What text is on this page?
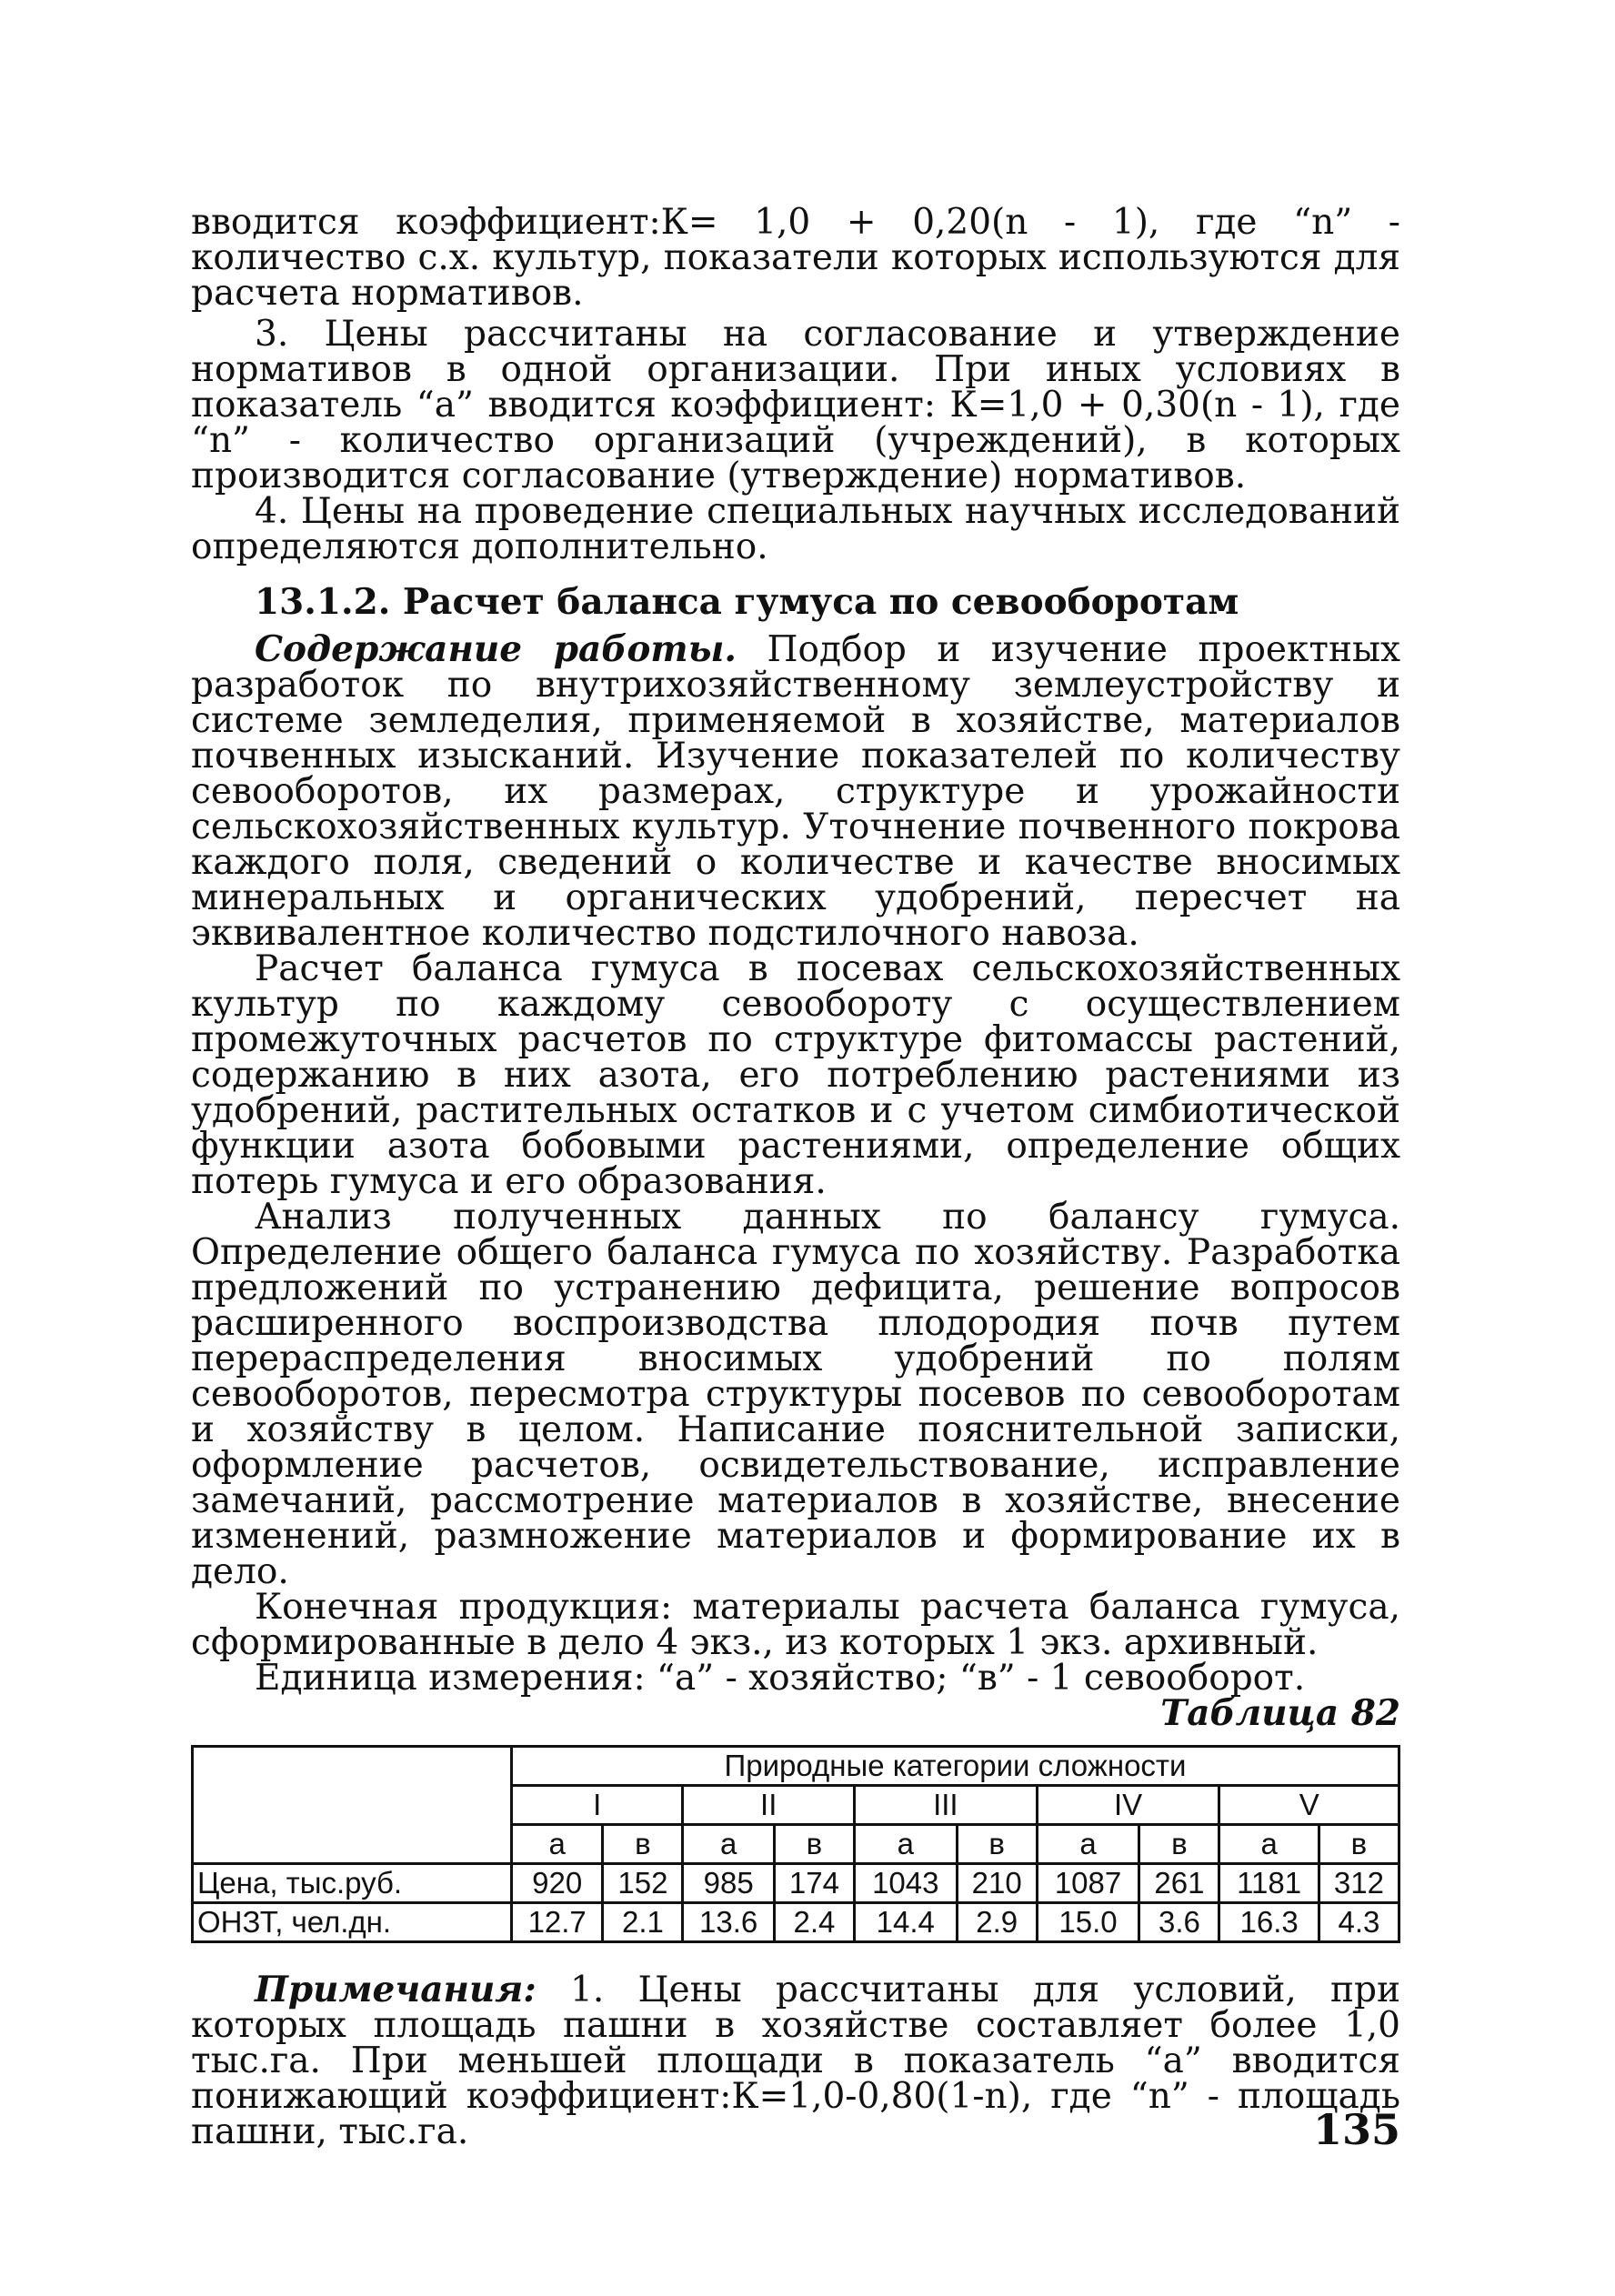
вводится коэффициент:К= 1,0 + 0,20(n - 1), где “n” - количество с.х. культур, показатели которых используются для расчета нормативов.

3. Цены рассчитаны на согласование и утверждение нормативов в одной организации. При иных условиях в показатель “а” вводится коэффициент: К=1,0 + 0,30(n - 1), где “n” - количество организаций (учреждений), в которых производится согласование (утверждение) нормативов.

4. Цены на проведение специальных научных исследований определяются дополнительно.

13.1.2. Расчет баланса гумуса по севооборотам

Содержание работы. Подбор и изучение проектных разработок по внутрихозяйственному землеустройству и системе земледелия, применяемой в хозяйстве, материалов почвенных изысканий. Изучение показателей по количеству севооборотов, их размерах, структуре и урожайности сельскохозяйственных культур. Уточнение почвенного покрова каждого поля, сведений о количестве и качестве вносимых минеральных и органических удобрений, пересчет на эквивалентное количество подстилочного навоза.

Расчет баланса гумуса в посевах сельскохозяйственных культур по каждому севообороту с осуществлением промежуточных расчетов по структуре фитомассы растений, содержанию в них азота, его потреблению растениями из удобрений, растительных остатков и с учетом симбиотической функции азота бобовыми растениями, определение общих потерь гумуса и его образования.

Анализ полученных данных по балансу гумуса. Определение общего баланса гумуса по хозяйству. Разработка предложений по устранению дефицита, решение вопросов расширенного воспроизводства плодородия почв путем перераспределения вносимых удобрений по полям севооборотов, пересмотра структуры посевов по севооборотам и хозяйству в целом. Написание пояснительной записки, оформление расчетов, освидетельствование, исправление замечаний, рассмотрение материалов в хозяйстве, внесение изменений, размножение материалов и формирование их в дело.

Конечная продукция: материалы расчета баланса гумуса, сформированные в дело 4 экз., из которых 1 экз. архивный.

Единица измерения: “а” - хозяйство; “в” - 1 севооборот.

Таблица 82
	Природные категории сложности									
	I		II		III		IV		V	
	а	в	а	в	а	в	а	в	а	в
Цена, тыс.руб.	920	152	985	174	1043	210	1087	261	1181	312
ОНЗТ, чел.дн.	12.7	2.1	13.6	2.4	14.4	2.9	15.0	3.6	16.3	4.3

Примечания: 1. Цены рассчитаны для условий, при которых площадь пашни в хозяйстве составляет более 1,0 тыс.га. При меньшей площади в показатель “а” вводится понижающий коэффициент:К=1,0-0,80(1-n), где “n” - площадь пашни, тыс.га.	135
